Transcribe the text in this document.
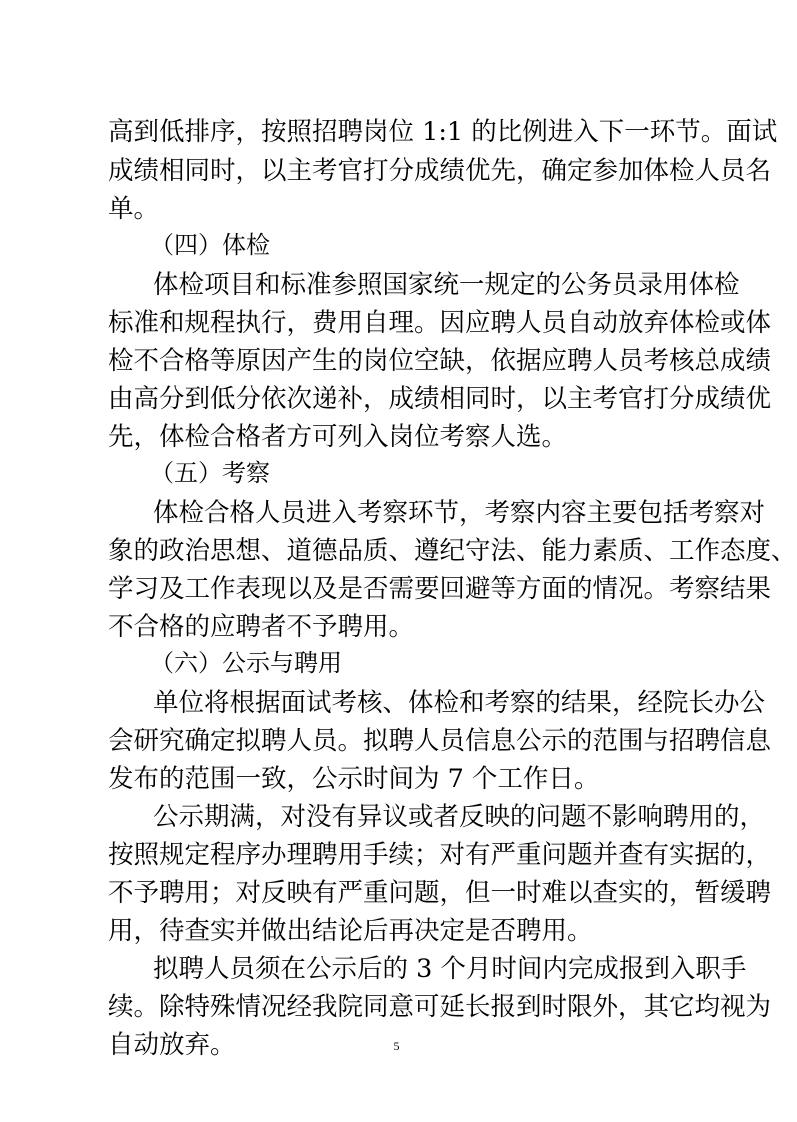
高到低排序，按照招聘岗位 1:1 的比例进入下一环节。面试
成绩相同时，以主考官打分成绩优先，确定参加体检人员名
单。
（四）体检
体检项目和标准参照国家统一规定的公务员录用体检
标准和规程执行，费用自理。因应聘人员自动放弃体检或体
检不合格等原因产生的岗位空缺，依据应聘人员考核总成绩
由高分到低分依次递补，成绩相同时，以主考官打分成绩优
先，体检合格者方可列入岗位考察人选。
（五）考察
体检合格人员进入考察环节，考察内容主要包括考察对
象的政治思想、道德品质、遵纪守法、能力素质、工作态度、
学习及工作表现以及是否需要回避等方面的情况。考察结果
不合格的应聘者不予聘用。
（六）公示与聘用
单位将根据面试考核、体检和考察的结果，经院长办公
会研究确定拟聘人员。拟聘人员信息公示的范围与招聘信息
发布的范围一致，公示时间为 7 个工作日。
公示期满，对没有异议或者反映的问题不影响聘用的，
按照规定程序办理聘用手续；对有严重问题并查有实据的，
不予聘用；对反映有严重问题，但一时难以查实的，暂缓聘
用，待查实并做出结论后再决定是否聘用。
拟聘人员须在公示后的 3 个月时间内完成报到入职手
续。除特殊情况经我院同意可延长报到时限外，其它均视为
自动放弃。	5
